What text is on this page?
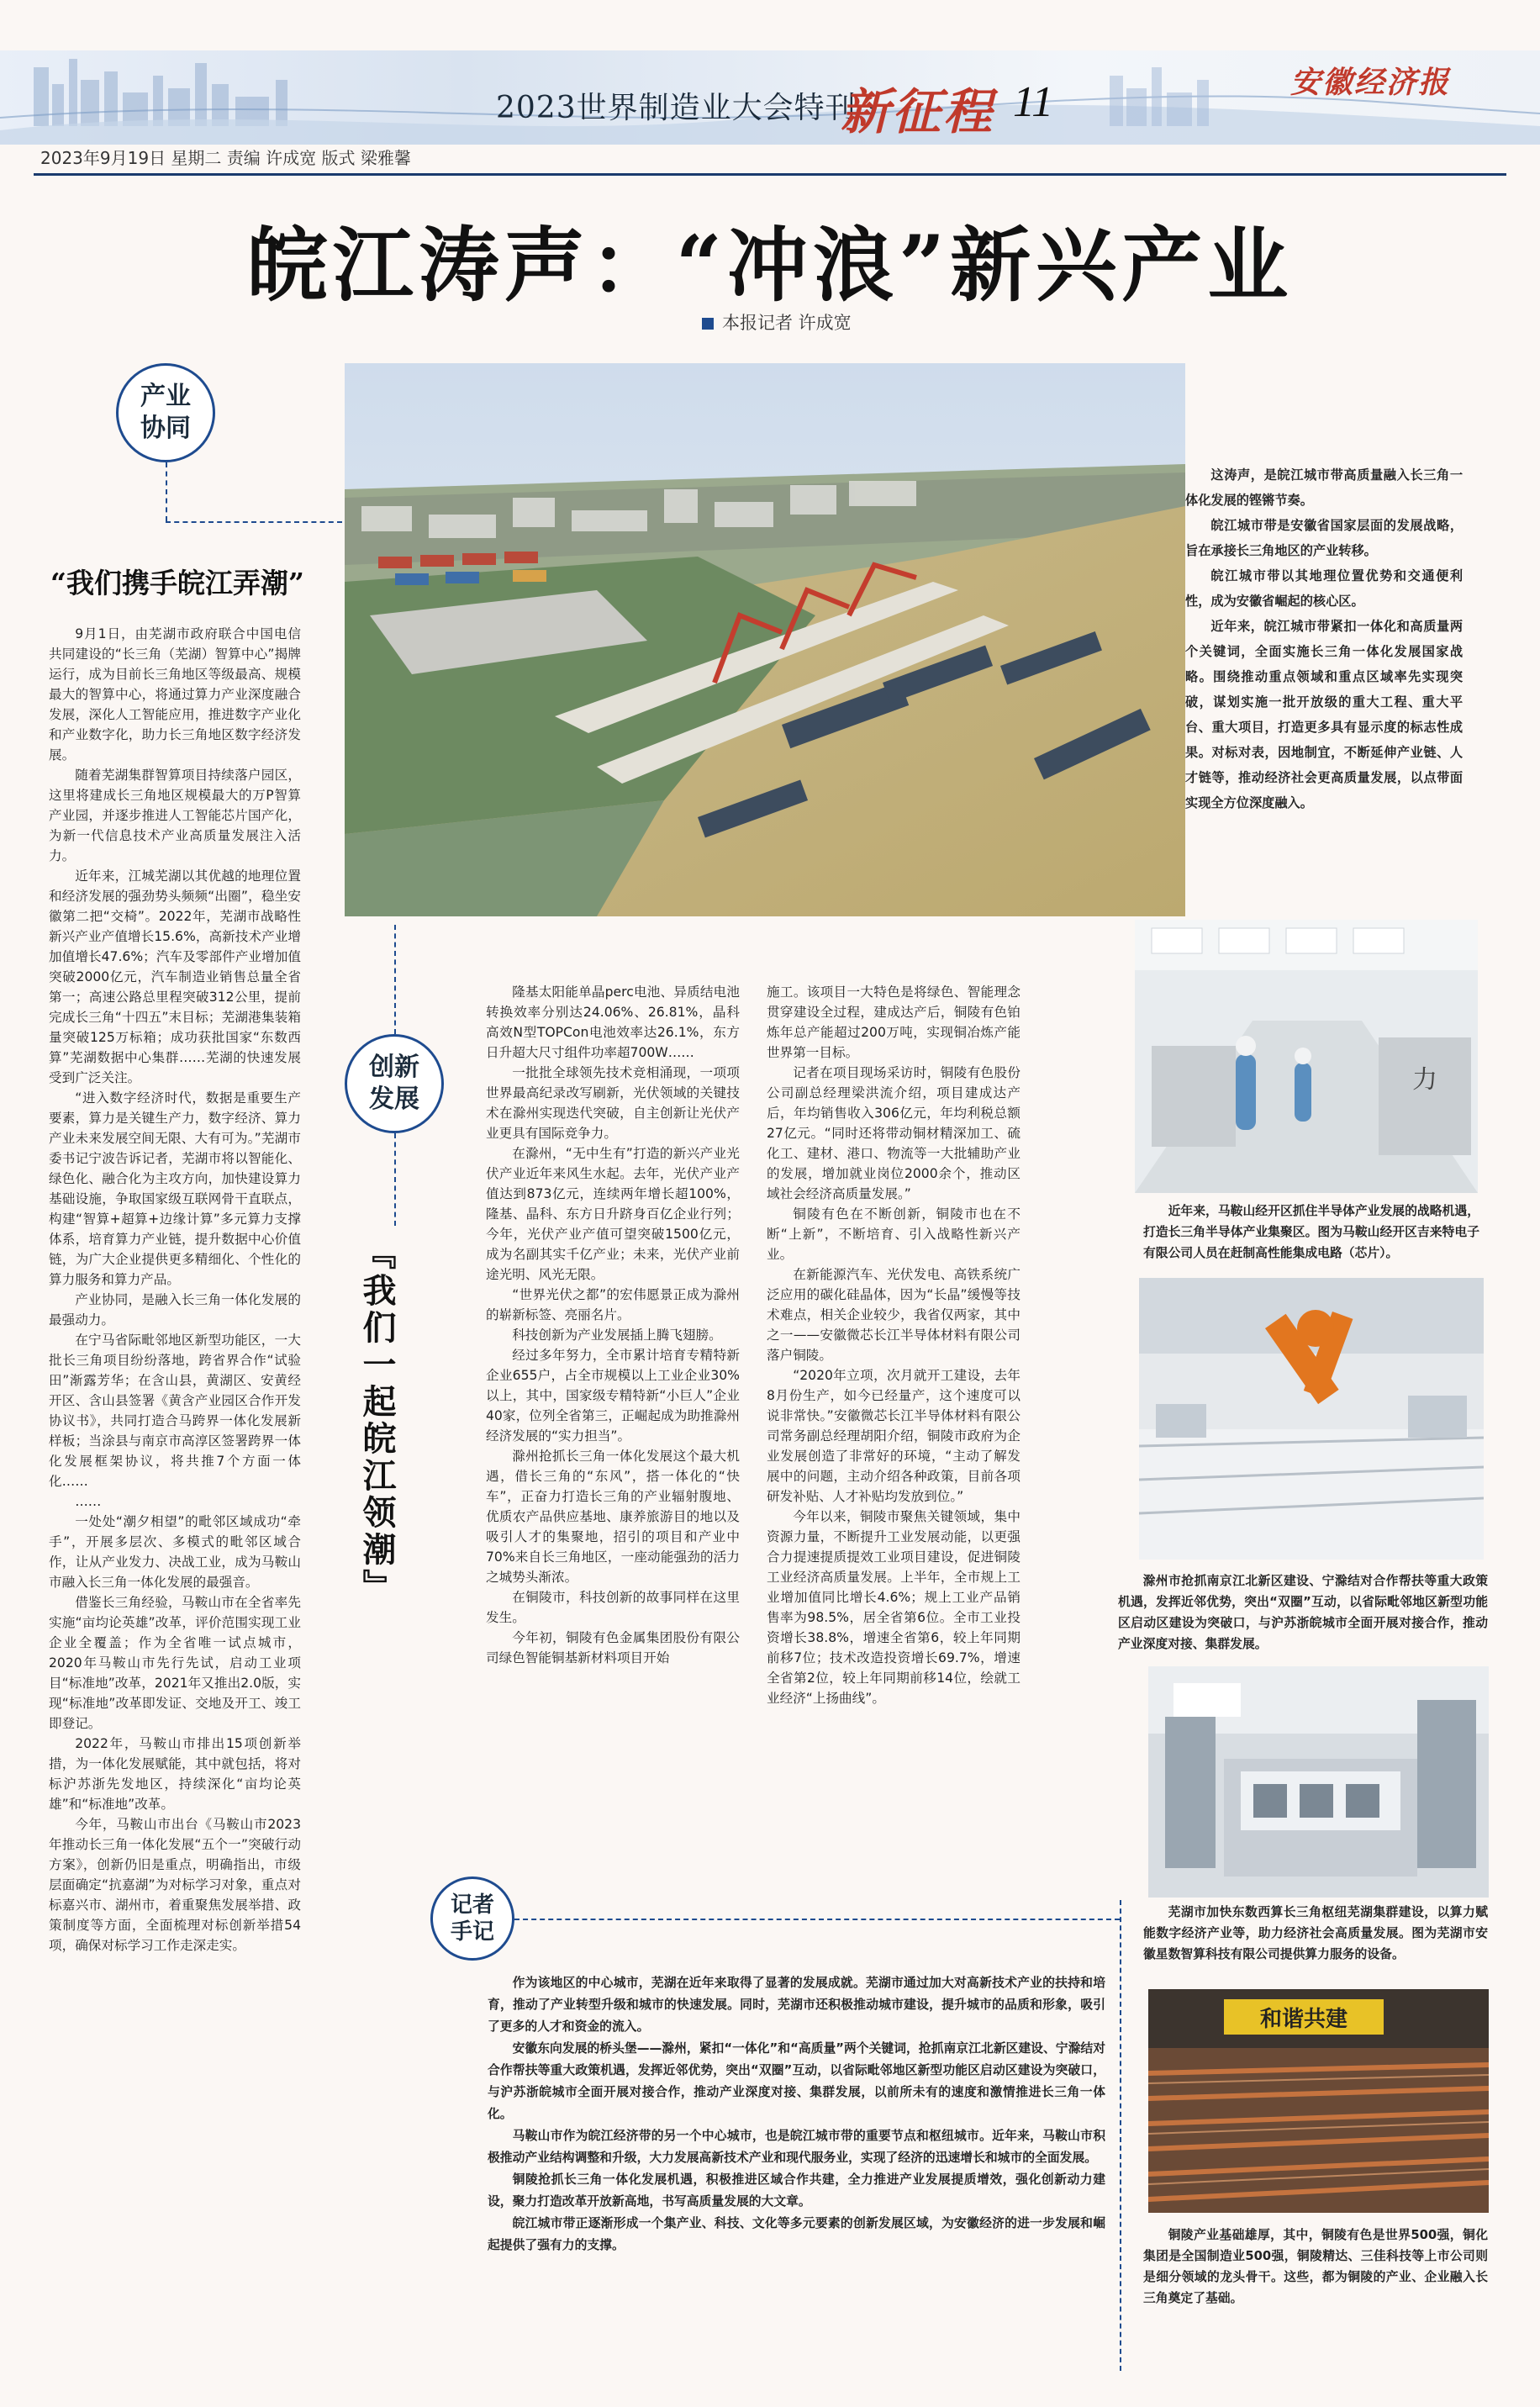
2023世界制造业大会特刊 ·
新征程 11	安徽经济报
2023年9月19日 星期二 责编 许成宽 版式 梁雅馨
皖江涛声：“冲浪”新兴产业
本报记者 许成宽
产业协同
创新发展
记者手记
“我们携手皖江弄潮”

9月1日，由芜湖市政府联合中国电信共同建设的“长三角（芜湖）智算中心”揭牌运行，成为目前长三角地区等级最高、规模最大的智算中心，将通过算力产业深度融合发展，深化人工智能应用，推进数字产业化和产业数字化，助力长三角地区数字经济发展。

随着芜湖集群智算项目持续落户园区，这里将建成长三角地区规模最大的万P智算产业园，并逐步推进人工智能芯片国产化，为新一代信息技术产业高质量发展注入活力。

近年来，江城芜湖以其优越的地理位置和经济发展的强劲势头频频“出圈”，稳坐安徽第二把“交椅”。2022年，芜湖市战略性新兴产业产值增长15.6%，高新技术产业增加值增长47.6%；汽车及零部件产业增加值突破2000亿元，汽车制造业销售总量全省第一；高速公路总里程突破312公里，提前完成长三角“十四五”末目标；芜湖港集装箱量突破125万标箱；成功获批国家“东数西算”芜湖数据中心集群……芜湖的快速发展受到广泛关注。

“进入数字经济时代，数据是重要生产要素，算力是关键生产力，数字经济、算力产业未来发展空间无限、大有可为。”芜湖市委书记宁波告诉记者，芜湖市将以智能化、绿色化、融合化为主攻方向，加快建设算力基础设施，争取国家级互联网骨干直联点，构建“智算+超算+边缘计算”多元算力支撑体系，培育算力产业链，提升数据中心价值链，为广大企业提供更多精细化、个性化的算力服务和算力产品。

产业协同，是融入长三角一体化发展的最强动力。

在宁马省际毗邻地区新型功能区，一大批长三角项目纷纷落地，跨省界合作“试验田”渐露芳华；在含山县，黄湖区、安黄经开区、含山县签署《黄含产业园区合作开发协议书》，共同打造合马跨界一体化发展新样板；当涂县与南京市高淳区签署跨界一体化发展框架协议，将共推7个方面一体化……

……

一处处“潮夕相望”的毗邻区域成功“牵手”，开展多层次、多模式的毗邻区域合作，让从产业发力、决战工业，成为马鞍山市融入长三角一体化发展的最强音。

借鉴长三角经验，马鞍山市在全省率先实施“亩均论英雄”改革，评价范围实现工业企业全覆盖；作为全省唯一试点城市，2020年马鞍山市先行先试，启动工业项目“标准地”改革，2021年又推出2.0版，实现“标准地”改革即发证、交地及开工、竣工即登记。

2022年，马鞍山市排出15项创新举措，为一体化发展赋能，其中就包括，将对标沪苏浙先发地区，持续深化“亩均论英雄”和“标准地”改革。

今年，马鞍山市出台《马鞍山市2023年推动长三角一体化发展“五个一”突破行动方案》，创新仍旧是重点，明确指出，市级层面确定“抗嘉湖”为对标学习对象，重点对标嘉兴市、湖州市，着重聚焦发展举措、政策制度等方面，全面梳理对标创新举措54项，确保对标学习工作走深走实。

『我们一起皖江领潮』

这涛声，是皖江城市带高质量融入长三角一体化发展的铿锵节奏。

皖江城市带是安徽省国家层面的发展战略，旨在承接长三角地区的产业转移。

皖江城市带以其地理位置优势和交通便利性，成为安徽省崛起的核心区。

近年来，皖江城市带紧扣一体化和高质量两个关键词，全面实施长三角一体化发展国家战略。围绕推动重点领域和重点区域率先实现突破，谋划实施一批开放级的重大工程、重大平台、重大项目，打造更多具有显示度的标志性成果。对标对表，因地制宜，不断延伸产业链、人才链等，推动经济社会更高质量发展，以点带面实现全方位深度融入。

隆基太阳能单晶perc电池、异质结电池转换效率分别达24.06%、26.81%，晶科高效N型TOPCon电池效率达26.1%，东方日升超大尺寸组件功率超700W……

一批批全球领先技术竞相涌现，一项项世界最高纪录改写刷新，光伏领域的关键技术在滁州实现迭代突破，自主创新让光伏产业更具有国际竞争力。

在滁州，“无中生有”打造的新兴产业光伏产业近年来风生水起。去年，光伏产业产值达到873亿元，连续两年增长超100%，隆基、晶科、东方日升跻身百亿企业行列；今年，光伏产业产值可望突破1500亿元，成为名副其实千亿产业；未来，光伏产业前途光明、风光无限。

“世界光伏之都”的宏伟愿景正成为滁州的崭新标签、亮丽名片。

科技创新为产业发展插上腾飞翅膀。

经过多年努力，全市累计培育专精特新企业655户，占全市规模以上工业企业30%以上，其中，国家级专精特新“小巨人”企业40家，位列全省第三，正崛起成为助推滁州经济发展的“实力担当”。

滁州抢抓长三角一体化发展这个最大机遇，借长三角的“东风”，搭一体化的“快车”，正奋力打造长三角的产业辐射腹地、优质农产品供应基地、康养旅游目的地以及吸引人才的集聚地，招引的项目和产业中70%来自长三角地区，一座动能强劲的活力之城势头渐浓。

在铜陵市，科技创新的故事同样在这里发生。

今年初，铜陵有色金属集团股份有限公司绿色智能铜基新材料项目开始

施工。该项目一大特色是将绿色、智能理念贯穿建设全过程，建成达产后，铜陵有色铂炼年总产能超过200万吨，实现铜冶炼产能世界第一目标。

记者在项目现场采访时，铜陵有色股份公司副总经理梁洪流介绍，项目建成达产后，年均销售收入306亿元，年均利税总额27亿元。“同时还将带动铜材精深加工、硫化工、建材、港口、物流等一大批辅助产业的发展，增加就业岗位2000余个，推动区域社会经济高质量发展。”

铜陵有色在不断创新，铜陵市也在不断“上新”，不断培育、引入战略性新兴产业。

在新能源汽车、光伏发电、高铁系统广泛应用的碳化硅晶体，因为“长晶”缓慢等技术难点，相关企业较少，我省仅两家，其中之一——安徽微芯长江半导体材料有限公司落户铜陵。

“2020年立项，次月就开工建设，去年8月份生产，如今已经量产，这个速度可以说非常快。”安徽微芯长江半导体材料有限公司常务副总经理胡阳介绍，铜陵市政府为企业发展创造了非常好的环境，“主动了解发展中的问题，主动介绍各种政策，目前各项研发补贴、人才补贴均发放到位。”

今年以来，铜陵市聚焦关键领域，集中资源力量，不断提升工业发展动能，以更强合力提速提质提效工业项目建设，促进铜陵工业经济高质量发展。上半年，全市规上工业增加值同比增长4.6%；规上工业产品销售率为98.5%，居全省第6位。全市工业投资增长38.8%，增速全省第6，较上年同期前移7位；技术改造投资增长69.7%，增速全省第2位，较上年同期前移14位，绘就工业经济“上扬曲线”。

力
近年来，马鞍山经开区抓住半导体产业发展的战略机遇，打造长三角半导体产业集聚区。图为马鞍山经开区吉来特电子有限公司人员在赶制高性能集成电路（芯片）。
滁州市抢抓南京江北新区建设、宁滁结对合作帮扶等重大政策机遇，发挥近邻优势，突出“双圈”互动，以省际毗邻地区新型功能区启动区建设为突破口，与沪苏浙皖城市全面开展对接合作，推动产业深度对接、集群发展。
芜湖市加快东数西算长三角枢纽芜湖集群建设，以算力赋能数字经济产业等，助力经济社会高质量发展。图为芜湖市安徽星数智算科技有限公司提供算力服务的设备。
和谐共建
铜陵产业基础雄厚，其中，铜陵有色是世界500强，铜化集团是全国制造业500强，铜陵精达、三佳科技等上市公司则是细分领域的龙头骨干。这些，都为铜陵的产业、企业融入长三角奠定了基础。

作为该地区的中心城市，芜湖在近年来取得了显著的发展成就。芜湖市通过加大对高新技术产业的扶持和培育，推动了产业转型升级和城市的快速发展。同时，芜湖市还积极推动城市建设，提升城市的品质和形象，吸引了更多的人才和资金的流入。

安徽东向发展的桥头堡——滁州，紧扣“一体化”和“高质量”两个关键词，抢抓南京江北新区建设、宁滁结对合作帮扶等重大政策机遇，发挥近邻优势，突出“双圈”互动，以省际毗邻地区新型功能区启动区建设为突破口，与沪苏浙皖城市全面开展对接合作，推动产业深度对接、集群发展，以前所未有的速度和激情推进长三角一体化。

马鞍山市作为皖江经济带的另一个中心城市，也是皖江城市带的重要节点和枢纽城市。近年来，马鞍山市积极推动产业结构调整和升级，大力发展高新技术产业和现代服务业，实现了经济的迅速增长和城市的全面发展。

铜陵抢抓长三角一体化发展机遇，积极推进区域合作共建，全力推进产业发展提质增效，强化创新动力建设，聚力打造改革开放新高地，书写高质量发展的大文章。

皖江城市带正逐渐形成一个集产业、科技、文化等多元要素的创新发展区域，为安徽经济的进一步发展和崛起提供了强有力的支撑。
